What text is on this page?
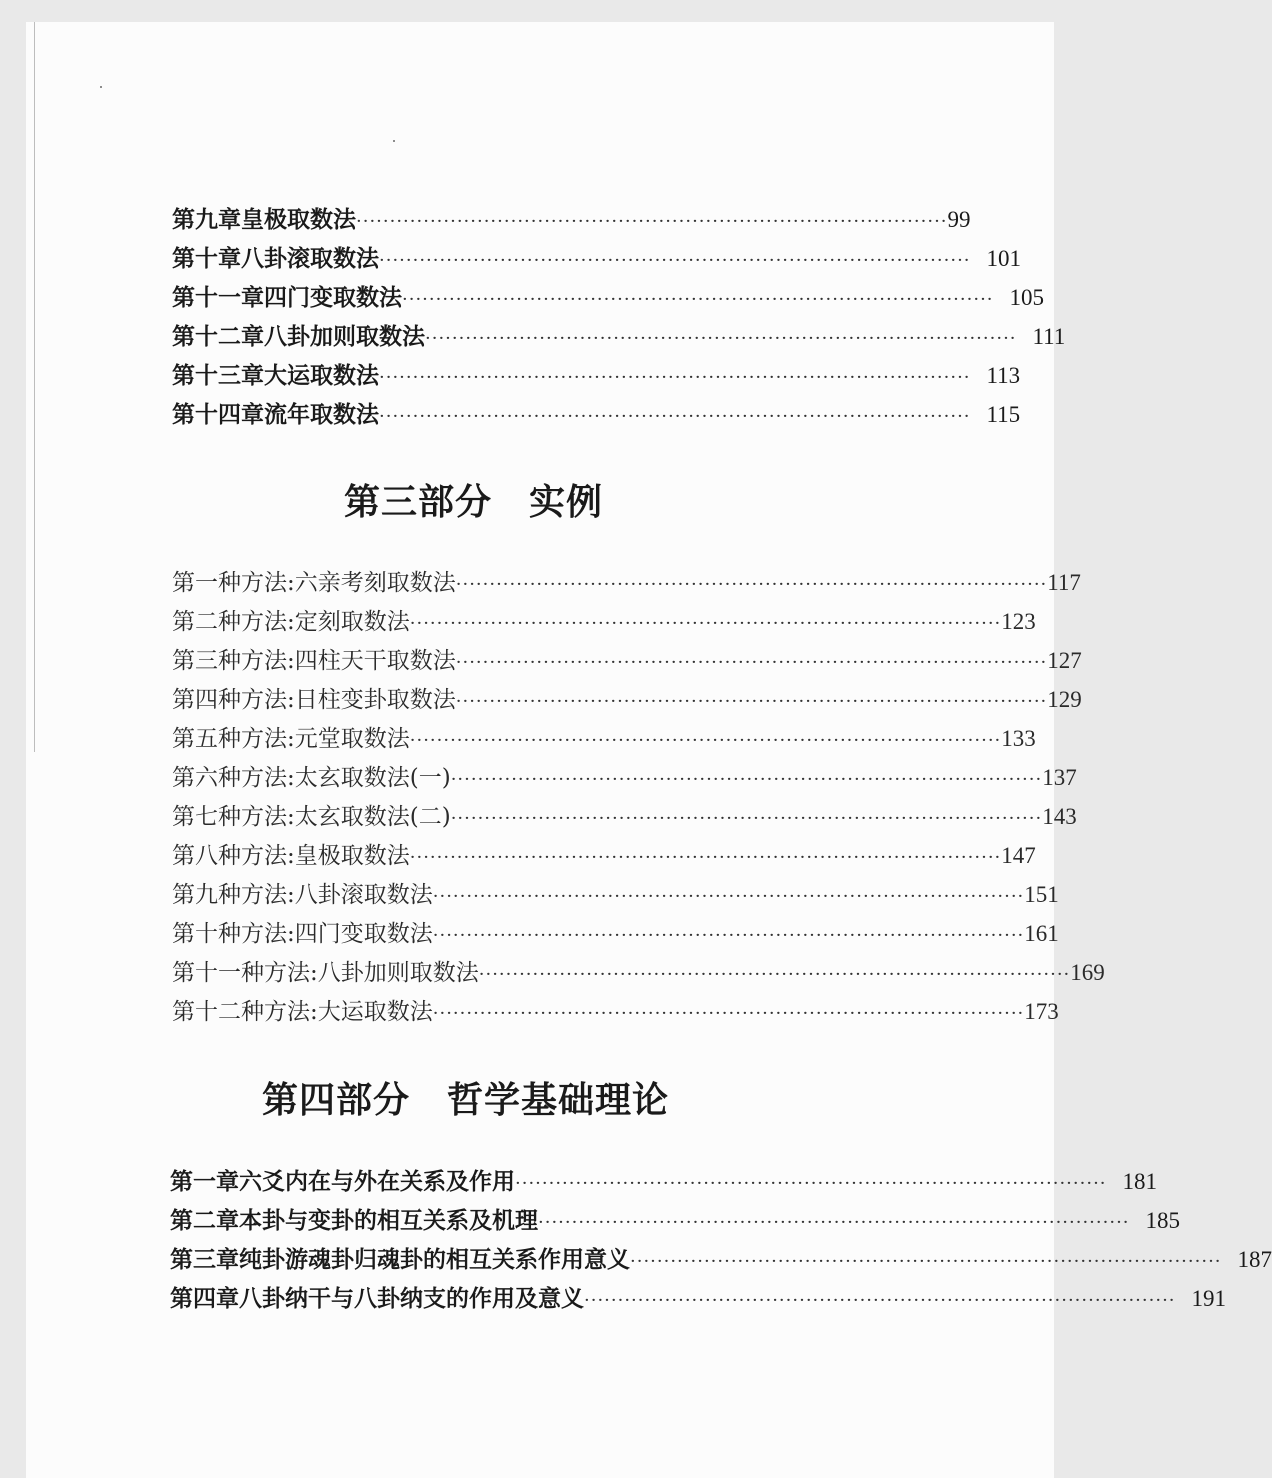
第九章 皇极取数法 ························································································ 99
第十章 八卦滚取数法 ························································································ 101
第十一章 四门变取数法 ························································································ 105
第十二章 八卦加则取数法 ························································································ 111
第十三章 大运取数法 ························································································ 113
第十四章 流年取数法 ························································································ 115
第三部分　实例
第一种方法 : 六亲考刻取数法 ························································································ 117
第二种方法 : 定刻取数法 ························································································ 123
第三种方法 : 四柱天干取数法 ························································································ 127
第四种方法 : 日柱变卦取数法 ························································································ 129
第五种方法 : 元堂取数法 ························································································ 133
第六种方法 : 太玄取数法(一) ························································································ 137
第七种方法 : 太玄取数法(二) ························································································ 143
第八种方法 : 皇极取数法 ························································································ 147
第九种方法 : 八卦滚取数法 ························································································ 151
第十种方法 : 四门变取数法 ························································································ 161
第十一种方法 : 八卦加则取数法 ························································································ 169
第十二种方法 : 大运取数法 ························································································ 173
第四部分　哲学基础理论
第一章 六爻内在与外在关系及作用 ························································································ 181
第二章 本卦与变卦的相互关系及机理 ························································································ 185
第三章 纯卦游魂卦归魂卦的相互关系作用意义 ························································································ 187
第四章 八卦纳干与八卦纳支的作用及意义 ························································································ 191
